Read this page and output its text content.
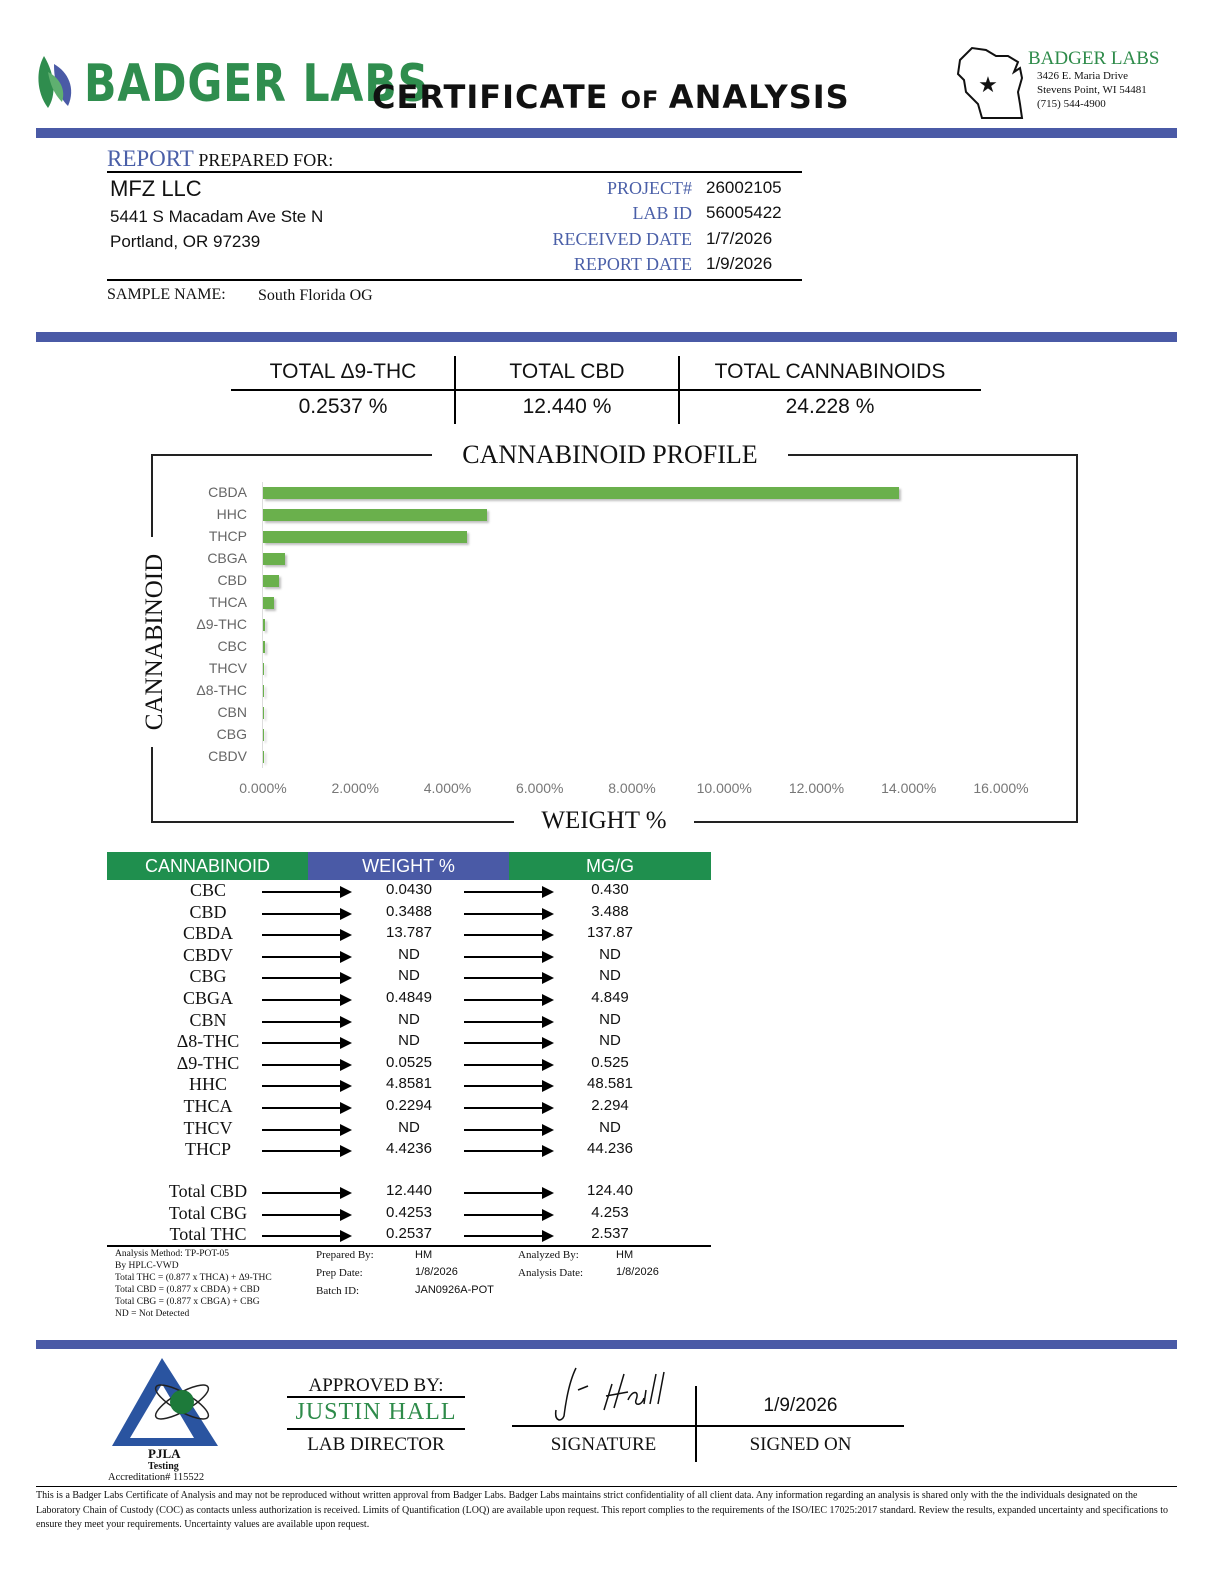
BADGER LABS
CERTIFICATE OF ANALYSIS	★
BADGER LABS
3426 E. Maria Drive
Stevens Point, WI 54481
(715) 544-4900
REPORT PREPARED FOR:
MFZ LLC
5441 S Macadam Ave Ste N
Portland, OR 97239
PROJECT# 26002105
LAB ID 56005422
RECEIVED DATE 1/7/2026
REPORT DATE 1/9/2026
SAMPLE NAME: South Florida OG
TOTAL Δ9-THC	TOTAL CBD	TOTAL CANNABINOIDS
0.2537 %	12.440 %	24.228 %
CANNABINOID PROFILE
WEIGHT %
CANNABINOID
CBDA
HHC
THCP
CBGA
CBD
THCA
Δ9-THC
CBC
THCV
Δ8-THC
CBN
CBG
CBDV
0.000%	2.000%	4.000%	6.000%	8.000%	10.000%	12.000%	14.000%	16.000%
CANNABINOID	WEIGHT %	MG/G
CBC	0.0430	0.430
CBD	0.3488	3.488
CBDA	13.787	137.87
CBDV	ND	ND
CBG	ND	ND
CBGA	0.4849	4.849
CBN	ND	ND
Δ8-THC	ND	ND
Δ9-THC	0.0525	0.525
HHC	4.8581	48.581
THCA	0.2294	2.294
THCV	ND	ND
THCP	4.4236	44.236
Total CBD	12.440	124.40
Total CBG	0.4253	4.253
Total THC	0.2537	2.537
Analysis Method: TP-POT-05
By HPLC-VWD
Total THC = (0.877 x THCA) + Δ9-THC
Total CBD = (0.877 x CBDA) + CBD
Total CBG = (0.877 x CBGA) + CBG
ND = Not Detected
Prepared By:	HM
Prep Date:	1/8/2026
Batch ID:	JAN0926A-POT
Analyzed By:	HM
Analysis Date:	1/8/2026
PJLA
Testing
Accreditation# 115522
APPROVED BY:
JUSTIN HALL
LAB DIRECTOR	SIGNATURE
1/9/2026
SIGNED ON
This is a Badger Labs Certificate of Analysis and may not be reproduced without written approval from Badger Labs. Badger Labs maintains strict confidentiality of all client data. Any information regarding an analysis is shared only with the the individuals designated on the Laboratory Chain of Custody (COC) as contacts unless authorization is received. Limits of Quantification (LOQ) are available upon request. This report complies to the requirements of the ISO/IEC 17025:2017 standard. Review the results, expanded uncertainty and specifications to ensure they meet your requirements. Uncertainty values are available upon request.
